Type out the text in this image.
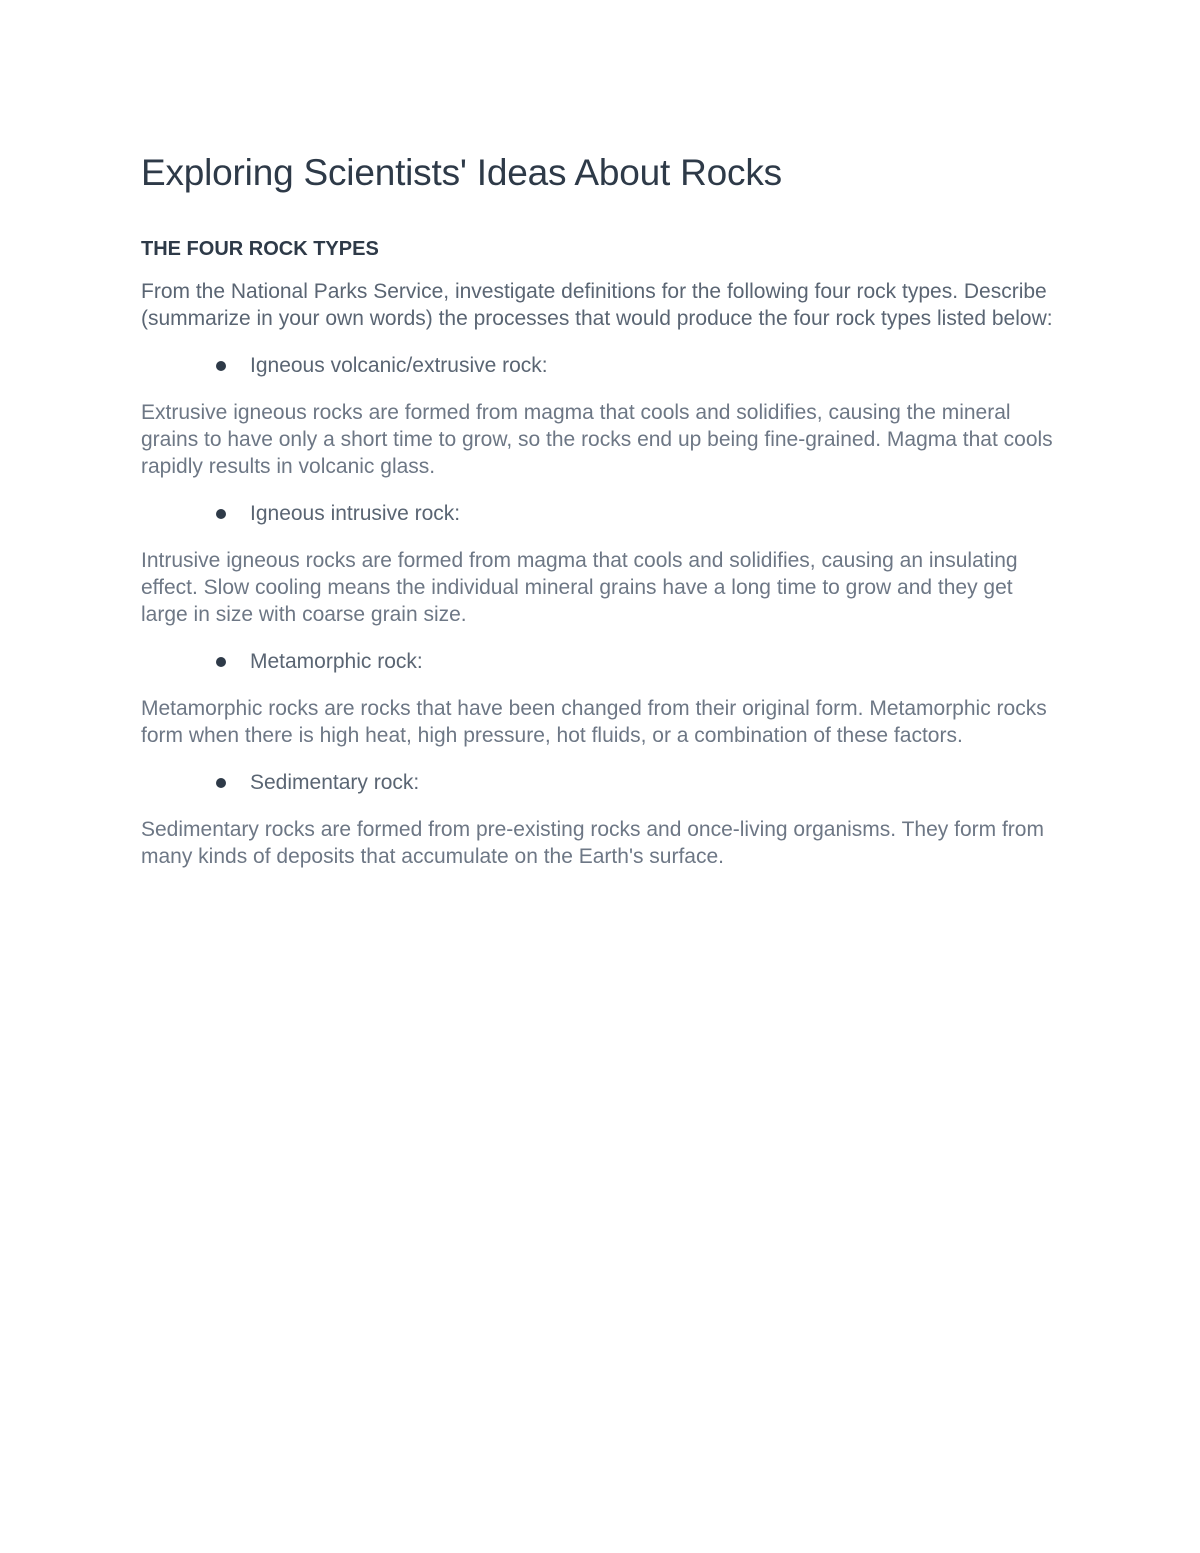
Exploring Scientists' Ideas About Rocks
THE FOUR ROCK TYPES

From the National Parks Service, investigate definitions for the following four rock types. Describe (summarize in your own words) the processes that would produce the four rock types listed below:

Igneous volcanic/extrusive rock:

Extrusive igneous rocks are formed from magma that cools and solidifies, causing the mineral grains to have only a short time to grow, so the rocks end up being fine-grained. Magma that cools rapidly results in volcanic glass.

Igneous intrusive rock:

Intrusive igneous rocks are formed from magma that cools and solidifies, causing an insulating effect. Slow cooling means the individual mineral grains have a long time to grow and they get large in size with coarse grain size.

Metamorphic rock:

Metamorphic rocks are rocks that have been changed from their original form. Metamorphic rocks form when there is high heat, high pressure, hot fluids, or a combination of these factors.

Sedimentary rock:

Sedimentary rocks are formed from pre-existing rocks and once-living organisms. They form from many kinds of deposits that accumulate on the Earth's surface.
